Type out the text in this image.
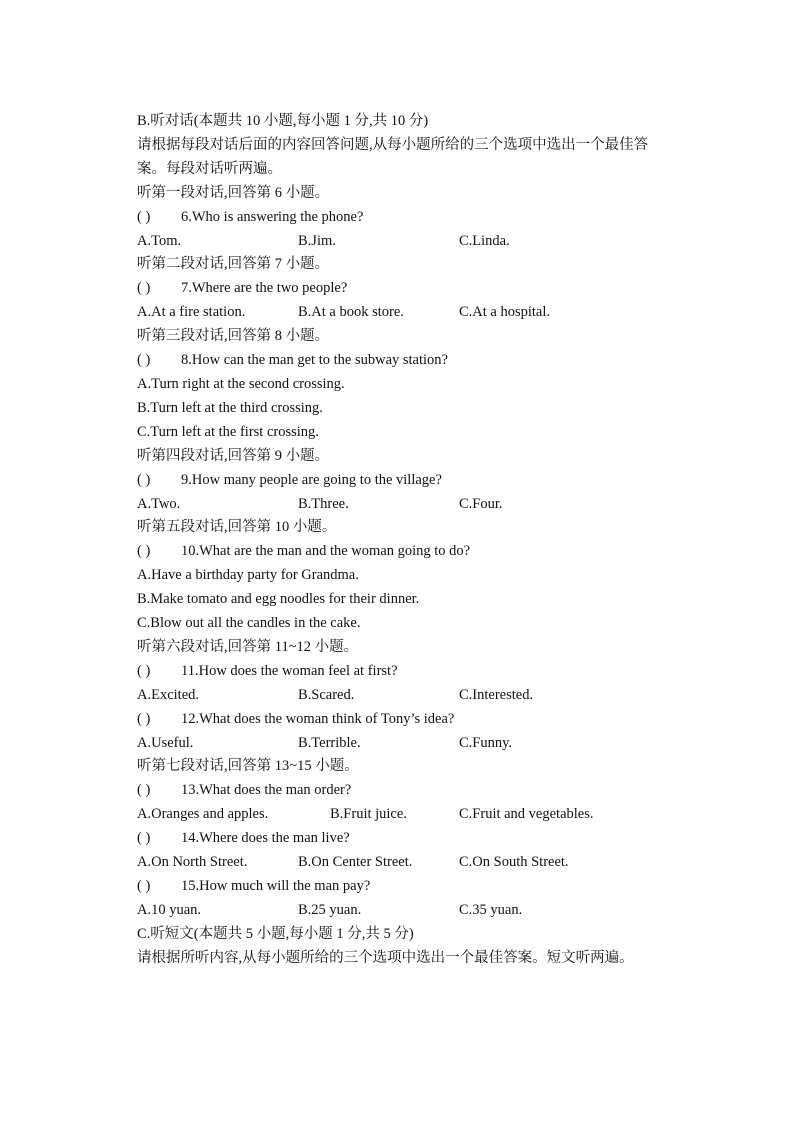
B.听对话(本题共 10 小题,每小题 1 分,共 10 分)
请根据每段对话后面的内容回答问题,从每小题所给的三个选项中选出一个最佳答案。每段对话听两遍。
听第一段对话,回答第 6 小题。
( ) 6.Who is answering the phone?
A.Tom.	B.Jim.	C.Linda.
听第二段对话,回答第 7 小题。
( ) 7.Where are the two people?
A.At a fire station.	B.At a book store.	C.At a hospital.
听第三段对话,回答第 8 小题。
( ) 8.How can the man get to the subway station?
A.Turn right at the second crossing.
B.Turn left at the third crossing.
C.Turn left at the first crossing.
听第四段对话,回答第 9 小题。
( ) 9.How many people are going to the village?
A.Two.	B.Three.	C.Four.
听第五段对话,回答第 10 小题。
( ) 10.What are the man and the woman going to do?
A.Have a birthday party for Grandma.
B.Make tomato and egg noodles for their dinner.
C.Blow out all the candles in the cake.
听第六段对话,回答第 11~12 小题。
( ) 11.How does the woman feel at first?
A.Excited.	B.Scared.	C.Interested.
( ) 12.What does the woman think of Tony’s idea?
A.Useful.	B.Terrible.	C.Funny.
听第七段对话,回答第 13~15 小题。
( ) 13.What does the man order?
A.Oranges and apples.	B.Fruit juice.	C.Fruit and vegetables.
( ) 14.Where does the man live?
A.On North Street.	B.On Center Street.	C.On South Street.
( ) 15.How much will the man pay?
A.10 yuan.	B.25 yuan.	C.35 yuan.
C.听短文(本题共 5 小题,每小题 1 分,共 5 分)
请根据所听内容,从每小题所给的三个选项中选出一个最佳答案。短文听两遍。
